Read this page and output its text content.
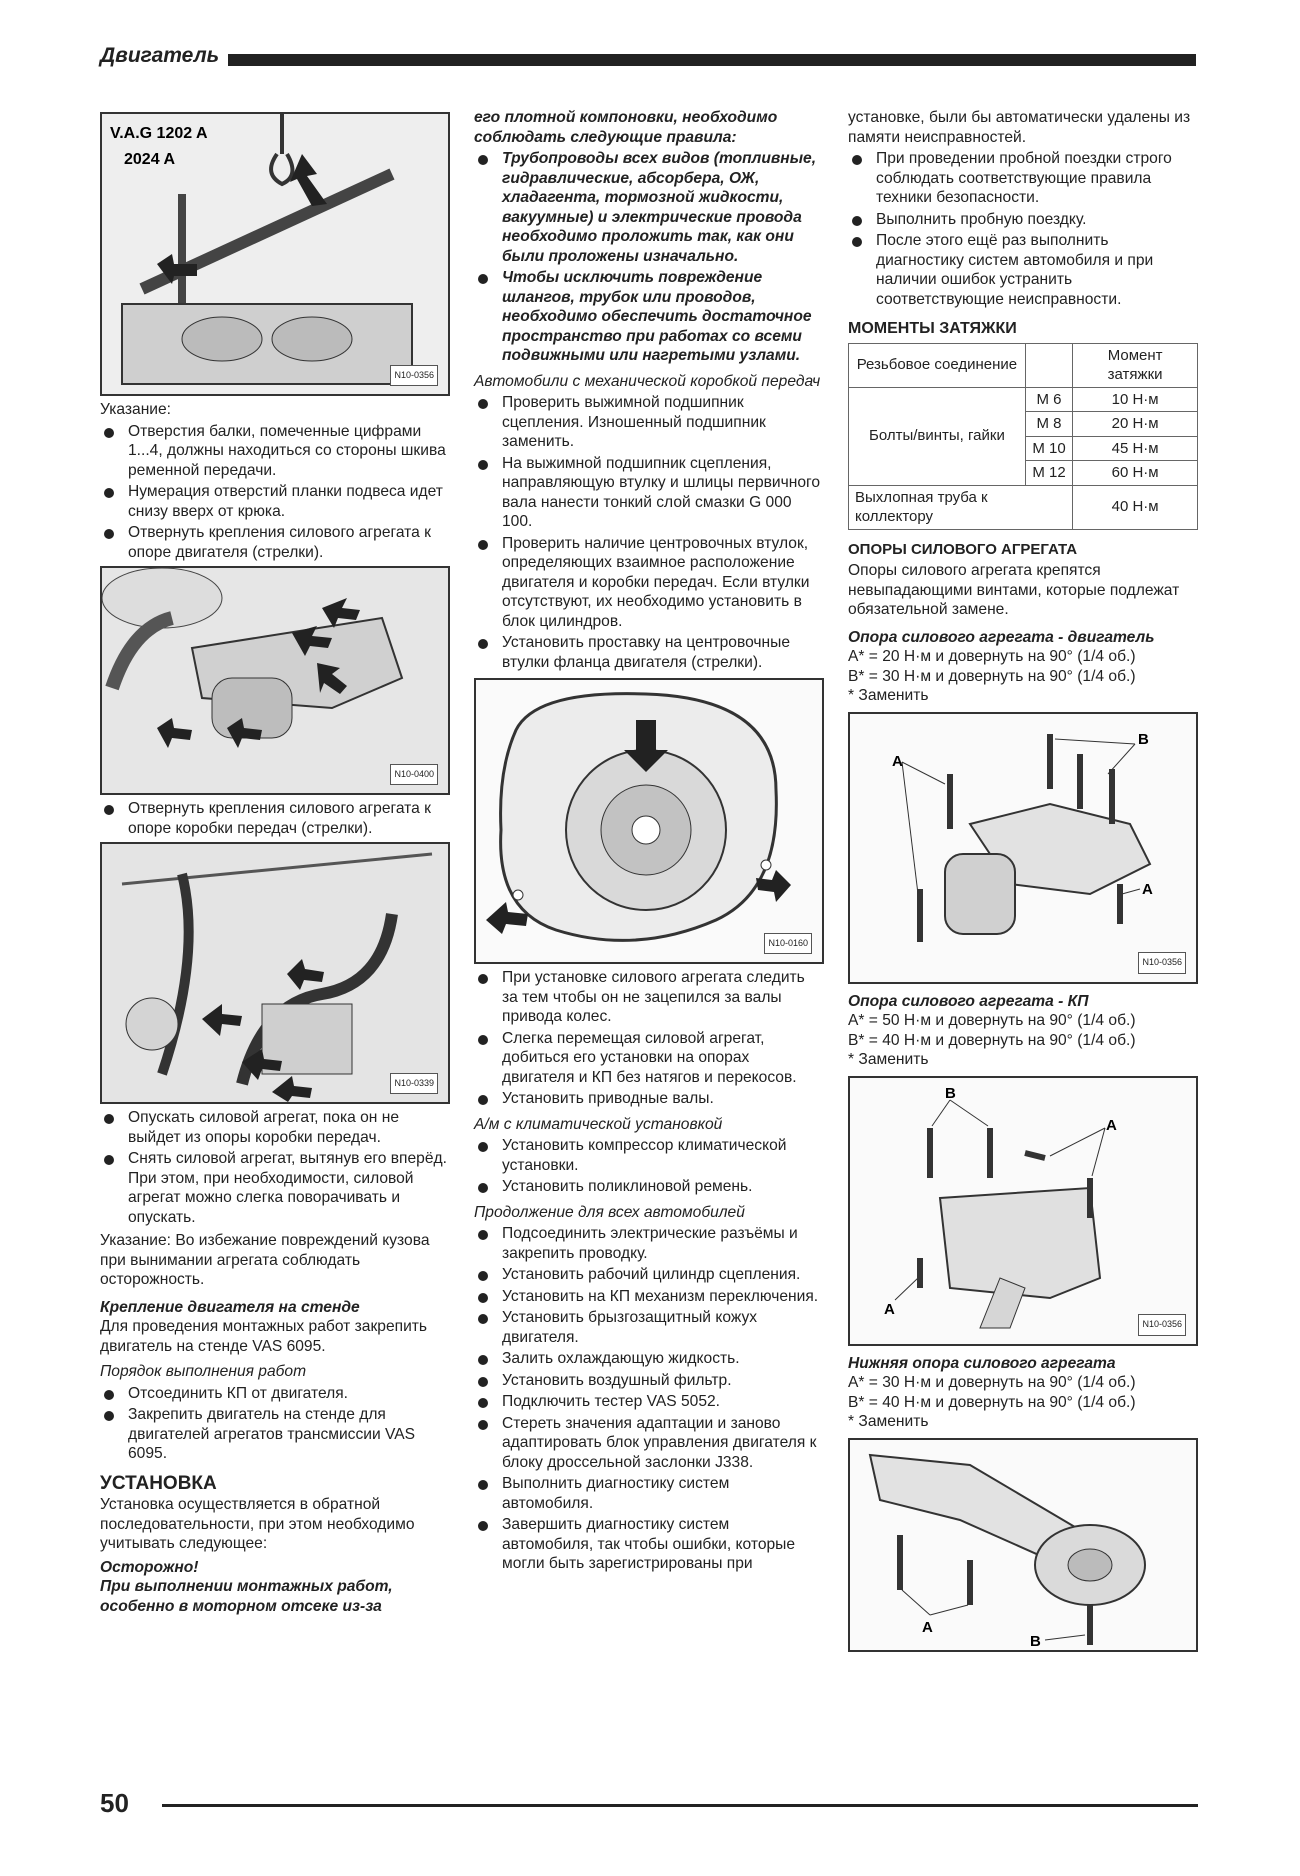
Двигатель
V.A.G 1202 A
2024 A
N10-0356
Указание:
Отверстия балки, помеченные цифрами 1...4, должны находиться со стороны шкива ременной передачи.
Нумерация отверстий планки подвеса идет снизу вверх от крюка.
Отвернуть крепления силового агрегата к опоре двигателя (стрелки).
N10-0400
Отвернуть крепления силового агрегата к опоре коробки передач (стрелки).
N10-0339
Опускать силовой агрегат, пока он не выйдет из опоры коробки передач.
Снять силовой агрегат, вытянув его вперёд. При этом, при необходимости, силовой агрегат можно слегка поворачивать и опускать.
Указание: Во избежание повреждений кузова при вынимании агрегата соблюдать осторожность.
Крепление двигателя на стенде
Для проведения монтажных работ закрепить двигатель на стенде VAS 6095.
Порядок выполнения работ
Отсоединить КП от двигателя.
Закрепить двигатель на стенде для двигателей агрегатов трансмиссии VAS 6095.
УСТАНОВКА
Установка осуществляется в обратной последовательности, при этом необходимо учитывать следующее:
Осторожно!
При выполнении монтажных работ, особенно в моторном отсеке из-за
его плотной компоновки, необходимо соблюдать следующие правила:
Трубопроводы всех видов (топливные, гидравлические, абсорбера, ОЖ, хладагента, тормозной жидкости, вакуумные) и электрические провода необходимо проложить так, как они были проложены изначально.
Чтобы исключить повреждение шлангов, трубок или проводов, необходимо обеспечить достаточное пространство при работах со всеми подвижными или нагретыми узлами.
Автомобили с механической коробкой передач
Проверить выжимной подшипник сцепления. Изношенный подшипник заменить.
На выжимной подшипник сцепления, направляющую втулку и шлицы первичного вала нанести тонкий слой смазки G 000 100.
Проверить наличие центровочных втулок, определяющих взаимное расположение двигателя и коробки передач. Если втулки отсутствуют, их необходимо установить в блок цилиндров.
Установить проставку на центровочные втулки фланца двигателя (стрелки).
N10-0160
При установке силового агрегата следить за тем чтобы он не зацепился за валы привода колес.
Слегка перемещая силовой агрегат, добиться его установки на опорах двигателя и КП без натягов и перекосов.
Установить приводные валы.
А/м с климатической установкой
Установить компрессор климатической установки.
Установить поликлиновой ремень.
Продолжение для всех автомобилей
Подсоединить электрические разъёмы и закрепить проводку.
Установить рабочий цилиндр сцепления.
Установить на КП механизм переключения.
Установить брызгозащитный кожух двигателя.
Залить охлаждающую жидкость.
Установить воздушный фильтр.
Подключить тестер VAS 5052.
Стереть значения адаптации и заново адаптировать блок управления двигателя к блоку дроссельной заслонки J338.
Выполнить диагностику систем автомобиля.
Завершить диагностику систем автомобиля, так чтобы ошибки, которые могли быть зарегистрированы при
установке, были бы автоматически удалены из памяти неисправностей.
При проведении пробной поездки строго соблюдать соответствующие правила техники безопасности.
Выполнить пробную поездку.
После этого ещё раз выполнить диагностику систем автомобиля и при наличии ошибок устранить соответствующие неисправности.
МОМЕНТЫ ЗАТЯЖКИ
Резьбовое соединение		Момент затяжки
Болты/винты, гайки	M 6	10 Н·м
	M 8	20 Н·м
	M 10	45 Н·м
	M 12	60 Н·м
Выхлопная труба к коллектору		40 Н·м
ОПОРЫ СИЛОВОГО АГРЕГАТА
Опоры силового агрегата крепятся невыпадающими винтами, которые подлежат обязательной замене.
Опора силового агрегата - двигатель
A* = 20 Н·м и довернуть на 90° (1/4 об.)
B* = 30 Н·м и довернуть на 90° (1/4 об.)
* Заменить
A
B
A
N10-0356
Опора силового агрегата - КП
A* = 50 Н·м и довернуть на 90° (1/4 об.)
B* = 40 Н·м и довернуть на 90° (1/4 об.)
* Заменить
B
A
A
N10-0356
Нижняя опора силового агрегата
A* = 30 Н·м и довернуть на 90° (1/4 об.)
B* = 40 Н·м и довернуть на 90° (1/4 об.)
* Заменить
A
B
50
